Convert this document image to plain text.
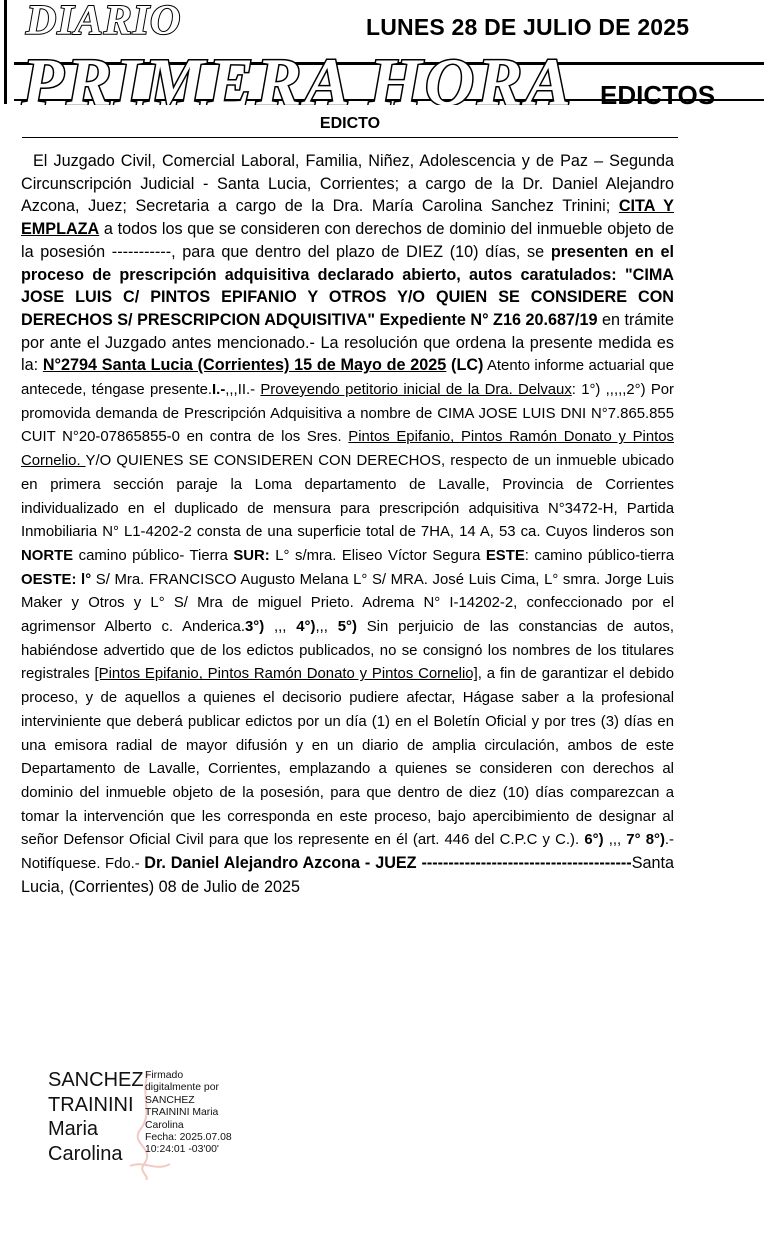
DIARIO
PRIMERA HORA
LUNES 28 DE JULIO DE 2025
EDICTOS
EDICTO
El Juzgado Civil, Comercial Laboral, Familia, Niñez, Adolescencia y de Paz – Segunda Circunscripción Judicial - Santa Lucia, Corrientes; a cargo de la Dr. Daniel Alejandro Azcona, Juez; Secretaria a cargo de la Dra. María Carolina Sanchez Trinini; CITA Y EMPLAZA a todos los que se consideren con derechos de dominio del inmueble objeto de la posesión -----------, para que dentro del plazo de DIEZ (10) días, se presenten en el proceso de prescripción adquisitiva declarado abierto, autos caratulados: "CIMA JOSE LUIS C/ PINTOS EPIFANIO Y OTROS Y/O QUIEN SE CONSIDERE CON DERECHOS S/ PRESCRIPCION ADQUISITIVA" Expediente N° Z16 20.687/19 en trámite por ante el Juzgado antes mencionado.- La resolución que ordena la presente medida es la: N°2794 Santa Lucia (Corrientes) 15 de Mayo de 2025 (LC) Atento informe actuarial que antecede, téngase presente.I.-,,,II.- Proveyendo petitorio inicial de la Dra. Delvaux: 1°) ,,,,,2°) Por promovida demanda de Prescripción Adquisitiva a nombre de CIMA JOSE LUIS DNI N°7.865.855 CUIT N°20-07865855-0 en contra de los Sres. Pintos Epifanio, Pintos Ramón Donato y Pintos Cornelio. Y/O QUIENES SE CONSIDEREN CON DERECHOS, respecto de un inmueble ubicado en primera sección paraje la Loma departamento de Lavalle, Provincia de Corrientes individualizado en el duplicado de mensura para prescripción adquisitiva N°3472-H, Partida Inmobiliaria N° L1-4202-2 consta de una superficie total de 7HA, 14 A, 53 ca. Cuyos linderos son NORTE camino público- Tierra SUR: L° s/mra. Eliseo Víctor Segura ESTE: camino público-tierra OESTE: l° S/ Mra. FRANCISCO Augusto Melana L° S/ MRA. José Luis Cima, L° smra. Jorge Luis Maker y Otros y L° S/ Mra de miguel Prieto. Adrema N° I-14202-2, confeccionado por el agrimensor Alberto c. Anderica.3°) ,,, 4°),,, 5°) Sin perjuicio de las constancias de autos, habiéndose advertido que de los edictos publicados, no se consignó los nombres de los titulares registrales [Pintos Epifanio, Pintos Ramón Donato y Pintos Cornelio], a fin de garantizar el debido proceso, y de aquellos a quienes el decisorio pudiere afectar, Hágase saber a la profesional interviniente que deberá publicar edictos por un día (1) en el Boletín Oficial y por tres (3) días en una emisora radial de mayor difusión y en un diario de amplia circulación, ambos de este Departamento de Lavalle, Corrientes, emplazando a quienes se consideren con derechos al dominio del inmueble objeto de la posesión, para que dentro de diez (10) días comparezcan a tomar la intervención que les corresponda en este proceso, bajo apercibimiento de designar al señor Defensor Oficial Civil para que los represente en él (art. 446 del C.P.C y C.). 6°) ,,, 7° 8°).- Notifíquese. Fdo.- Dr. Daniel Alejandro Azcona - JUEZ ---------------------------------------Santa Lucia, (Corrientes) 08 de Julio de 2025
SANCHEZ
TRAININI
Maria
Carolina
Firmado
digitalmente por
SANCHEZ
TRAININI Maria
Carolina
Fecha: 2025.07.08
10:24:01 -03'00'
